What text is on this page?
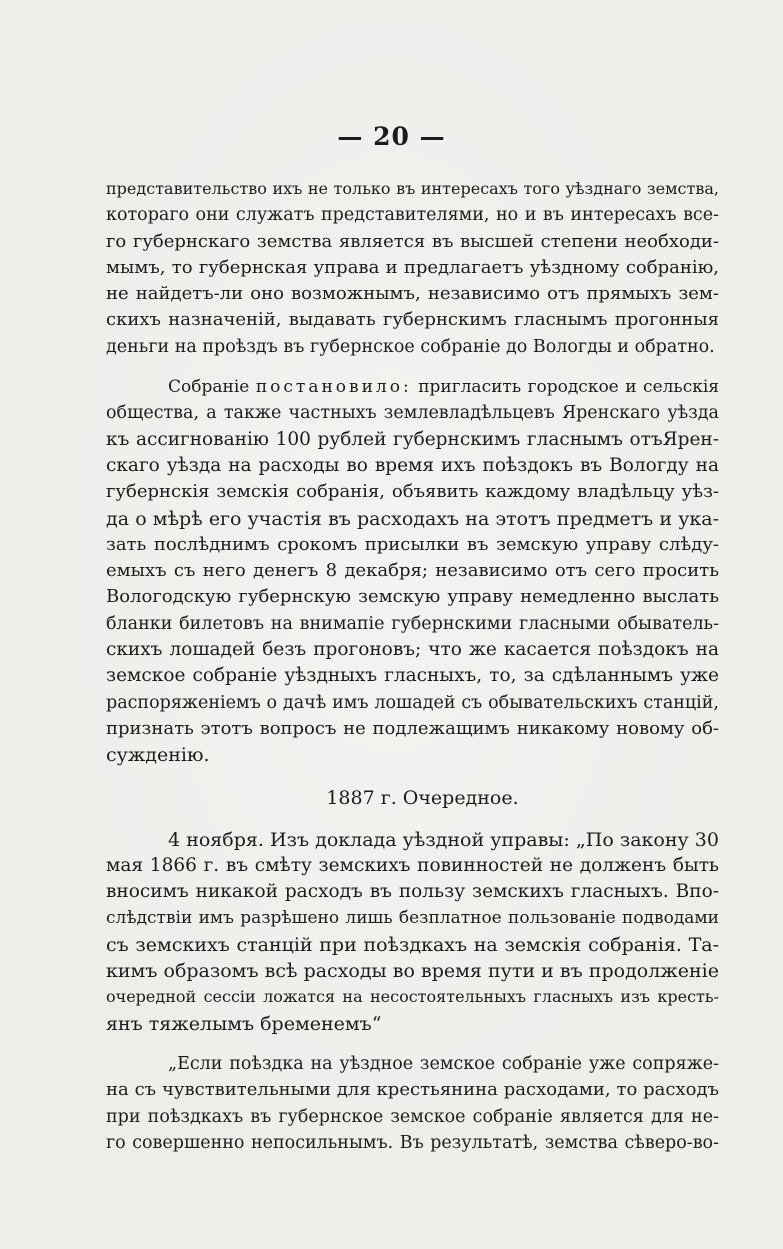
— 20 —
представительство ихъ не только въ интересахъ того уѣзднаго земства,
котораго они служатъ представителями, но и въ интересахъ все-
го губернскаго земства является въ высшей степени необходи-
мымъ, то губернская управа и предлагаетъ уѣздному собранію,
не найдетъ-ли оно возможнымъ, независимо отъ прямыхъ зем-
скихъ назначеній, выдавать губернскимъ гласнымъ прогонныя
деньги на проѣздъ въ губернское собраніе до Вологды и обратно.
Собраніе постановило: пригласить городское и сельскія
общества, а также частныхъ землевладѣльцевъ Яренскаго уѣзда
къ ассигнованію 100 рублей губернскимъ гласнымъ отъЯрен-
скаго уѣзда на расходы во время ихъ поѣздокъ въ Вологду на
губернскія земскія собранія, объявить каждому владѣльцу уѣз-
да о мѣрѣ его участія въ расходахъ на этотъ предметъ и ука-
зать послѣднимъ срокомъ присылки въ земскую управу слѣду-
емыхъ съ него денегъ 8 декабря; независимо отъ сего просить
Вологодскую губернскую земскую управу немедленно выслать
бланки билетовъ на внимапіе губернскими гласными обыватель-
скихъ лошадей безъ прогоновъ; что же касается поѣздокъ на
земское собраніе уѣздныхъ гласныхъ, то, за сдѣланнымъ уже
распоряженіемъ о дачѣ имъ лошадей съ обывательскихъ станцій,
признать этотъ вопросъ не подлежащимъ никакому новому об-
сужденію.
1887 г. Очередное.
4 ноября. Изъ доклада уѣздной управы: „По закону 30
мая 1866 г. въ смѣту земскихъ повинностей не долженъ быть
вносимъ никакой расходъ въ пользу земскихъ гласныхъ. Впо-
слѣдствіи имъ разрѣшено лишь безплатное пользованіе подводами
съ земскихъ станцій при поѣздкахъ на земскія собранія. Та-
кимъ образомъ всѣ расходы во время пути и въ продолженіе
очередной сессіи ложатся на несостоятельныхъ гласныхъ изъ кресть-
янъ тяжелымъ бременемъ“
„Если поѣздка на уѣздное земское собраніе уже сопряже-
на съ чувствительными для крестьянина расходами, то расходъ
при поѣздкахъ въ губернское земское собраніе является для не-
го совершенно непосильнымъ. Въ результатѣ, земства сѣверо-во-
